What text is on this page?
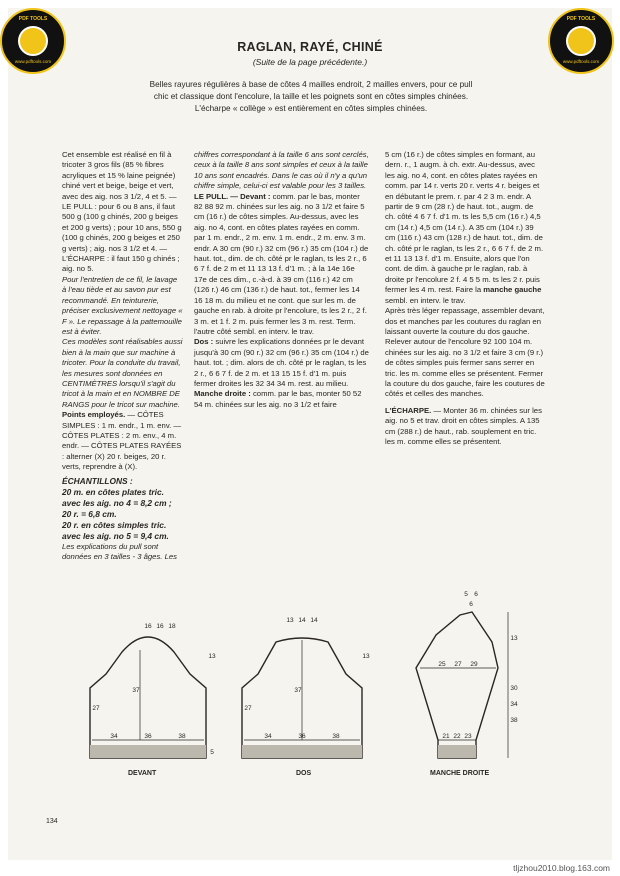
PDF TOOLS
www.pdftools.com
PDF TOOLS
www.pdftools.com
RAGLAN, RAYÉ, CHINÉ
(Suite de la page précédente.)
Belles rayures régulières à base de côtes 4 mailles endroit, 2 mailles envers, pour ce pull
chic et classique dont l'encolure, la taille et les poignets sont en côtes simples chinées.
L'écharpe « collège » est entièrement en côtes simples chinées.

Cet ensemble est réalisé en fil à tricoter 3 gros fils (85 % fibres acryliques et 15 % laine peignée) chiné vert et beige, beige et vert, avec des aig. nos 3 1/2, 4 et 5. — LE PULL : pour 6 ou 8 ans, il faut 500 g (100 g chinés, 200 g beiges et 200 g verts) ; pour 10 ans, 550 g (100 g chinés, 200 g beiges et 250 g verts) ; aig. nos 3 1/2 et 4. — L'ÉCHARPE : il faut 150 g chinés ; aig. no 5.

Pour l'entretien de ce fil, le lavage à l'eau tiède et au savon pur est recommandé. En teinturerie, préciser exclusivement nettoyage « F ». Le repassage à la pattemouille est à éviter.

Ces modèles sont réalisables aussi bien à la main que sur machine à tricoter. Pour la conduite du travail, les mesures sont données en CENTIMÈTRES lorsqu'il s'agit du tricot à la main et en NOMBRE DE RANGS pour le tricot sur machine.

Points employés. — CÔTES SIMPLES : 1 m. endr., 1 m. env. — CÔTES PLATES : 2 m. env., 4 m. endr. — CÔTES PLATES RAYÉES : alterner (X) 20 r. beiges, 20 r. verts, reprendre à (X).

ÉCHANTILLONS :

20 m. en côtes plates tric. avec les aig. no 4 = 8,2 cm ; 20 r. = 6,8 cm.

20 r. en côtes simples tric. avec les aig. no 5 = 9,4 cm.

Les explications du pull sont données en 3 tailles - 3 âges. Les

chiffres correspondant à la taille 6 ans sont cerclés, ceux à la taille 8 ans sont simples et ceux à la taille 10 ans sont encadrés. Dans le cas où il n'y a qu'un chiffre simple, celui-ci est valable pour les 3 tailles.

LE PULL. — Devant : comm. par le bas, monter 82 88 92 m. chinées sur les aig. no 3 1/2 et faire 5 cm (16 r.) de côtes simples. Au-dessus, avec les aig. no 4, cont. en côtes plates rayées en comm. par 1 m. endr., 2 m. env. 1 m. endr., 2 m. env. 3 m. endr. A 30 cm (90 r.) 32 cm (96 r.) 35 cm (104 r.) de haut. tot., dim. de ch. côté pr le raglan, ts les 2 r., 6 6 7 f. de 2 m et 11 13 13 f. d'1 m. ; à la 14e 16e 17e de ces dim., c.-à-d. à 39 cm (116 r.) 42 cm (126 r.) 46 cm (136 r.) de haut. tot., fermer les 14 16 18 m. du milieu et ne cont. que sur les m. de gauche en rab. à droite pr l'encolure, ts les 2 r., 2 f. 3 m. et 1 f. 2 m. puis fermer les 3 m. rest. Term. l'autre côté sembl. en interv. le trav.

Dos : suivre les explications données pr le devant jusqu'à 30 cm (90 r.) 32 cm (96 r.) 35 cm (104 r.) de haut. tot. ; dim. alors de ch. côté pr le raglan, ts les 2 r., 6 6 7 f. de 2 m. et 13 15 15 f. d'1 m. puis fermer droites les 32 34 34 m. rest. au milieu.

Manche droite : comm. par le bas, monter 50 52 54 m. chinées sur les aig. no 3 1/2 et faire

5 cm (16 r.) de côtes simples en formant, au dern. r., 1 augm. à ch. extr. Au-dessus, avec les aig. no 4, cont. en côtes plates rayées en comm. par 14 r. verts 20 r. verts 4 r. beiges et en débutant le prem. r. par 4 2 3 m. endr. A partir de 9 cm (28 r.) de haut. tot., augm. de ch. côté 4 6 7 f. d'1 m. ts les 5,5 cm (16 r.) 4,5 cm (14 r.) 4,5 cm (14 r.). A 35 cm (104 r.) 39 cm (116 r.) 43 cm (128 r.) de haut. tot., dim. de ch. côté pr le raglan, ts les 2 r., 6 6 7 f. de 2 m. et 11 13 13 f. d'1 m. Ensuite, alors que l'on cont. de dim. à gauche pr le raglan, rab. à droite pr l'encolure 2 f. 4 5 5 m. ts les 2 r. puis fermer les 4 m. rest. Faire la manche gauche sembl. en interv. le trav.

Après très léger repassage, assembler devant, dos et manches par les coutures du raglan en laissant ouverte la couture du dos gauche. Relever autour de l'encolure 92 100 104 m. chinées sur les aig. no 3 1/2 et faire 3 cm (9 r.) de côtes simples puis fermer sans serrer en tric. les m. comme elles se présentent. Fermer la couture du dos gauche, faire les coutures de côtés et celles des manches.

L'ÉCHARPE. — Monter 36 m. chinées sur les aig. no 5 et trav. droit en côtes simples. A 135 cm (288 r.) de haut., rab. souplement en tric. les m. comme elles se présentent.

16 16 18
13
37
27
34	36	38
5
13 14 14
13
37
27
34	36	38
5 6
6
25 27 29
13
30
34
38
21 22 23
DEVANT	DOS	MANCHE DROITE
134
tljzhou2010.blog.163.com
